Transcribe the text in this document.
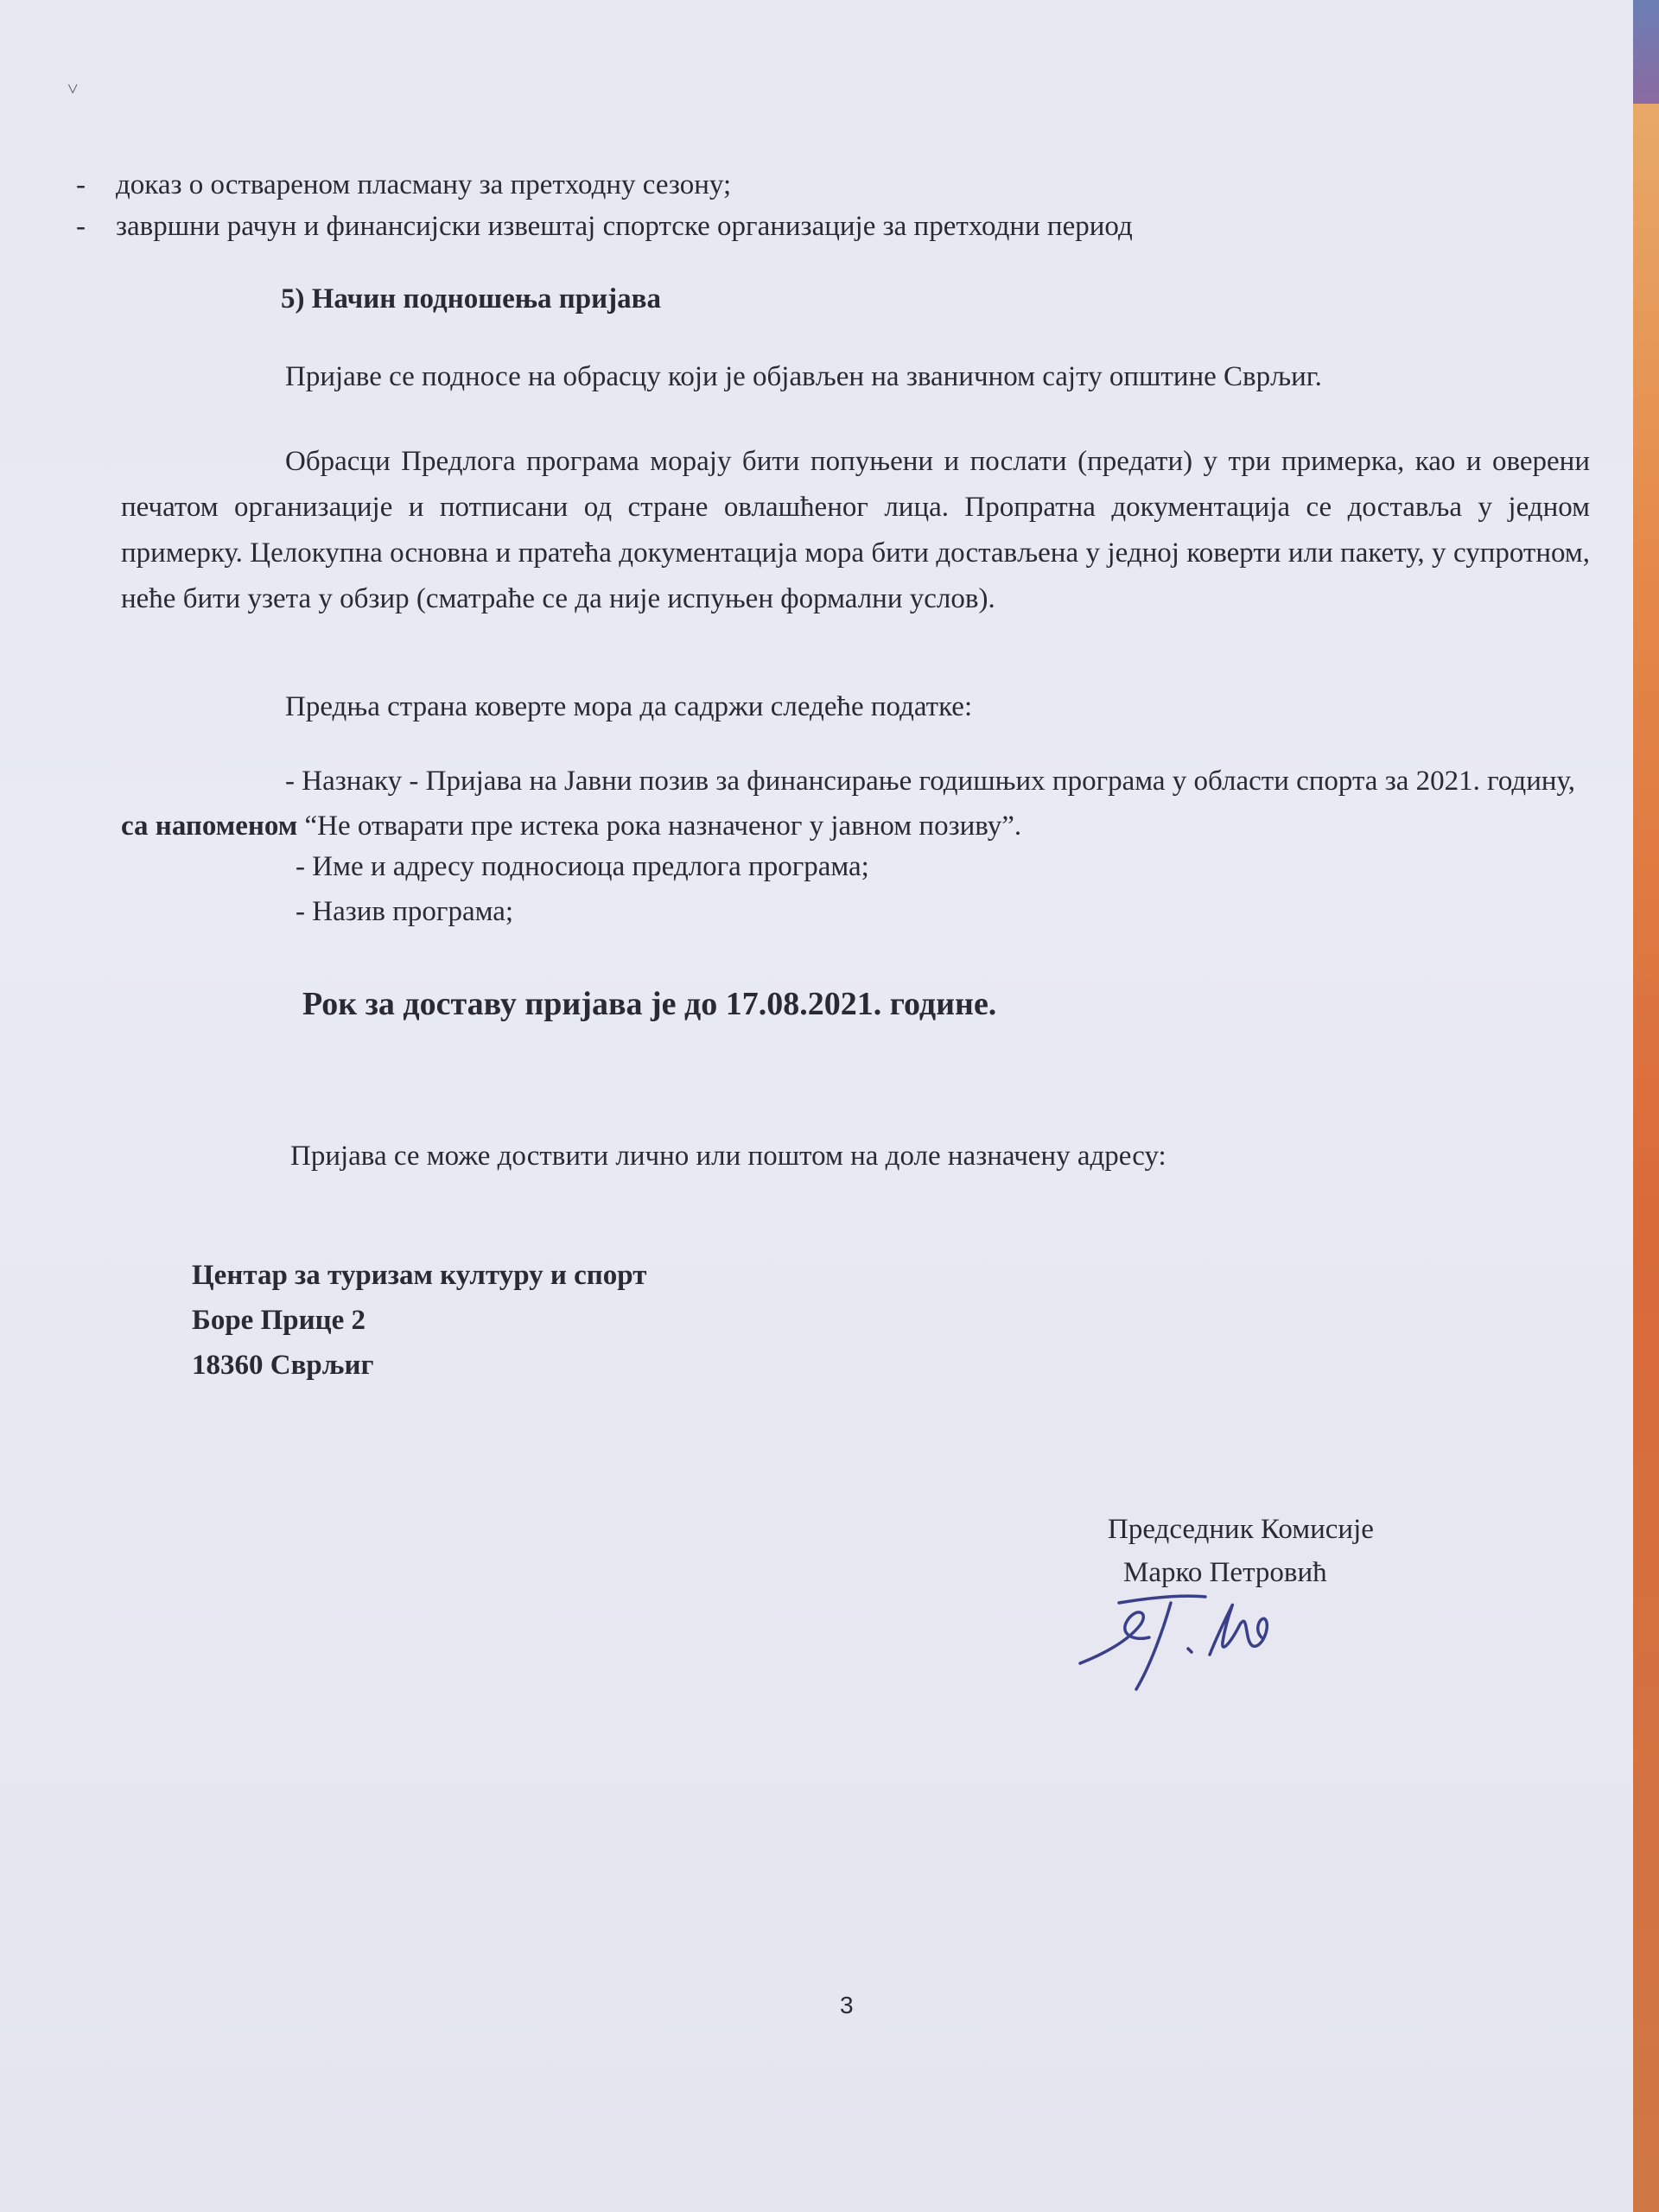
˅
- доказ о оствареном пласману за претходну сезону;
- завршни рачун и финансијски извештај спортске организације за претходни период
5) Начин подношења пријава
Пријаве се подносе на обрасцу који је објављен на званичном сајту општине Сврљиг.
Обрасци Предлога програма морају бити попуњени и послати (предати) у три примерка, као и оверени печатом организације и потписани од стране овлашћеног лица. Пропратна документација се доставља у једном примерку. Целокупна основна и пратећа документација мора бити достављена у једној коверти или пакету, у супротном, неће бити узета у обзир (сматраће се да није испуњен формални услов).
Предња страна коверте мора да садржи следеће податке:
- Назнаку - Пријава на Јавни позив за финансирање годишњих програма у области спорта за 2021. годину, са напоменом “Не отварати пре истека рока назначеног у јавном позиву”.
- Име и адресу подносиоца предлога програма;
- Назив програма;
Рок за доставу пријава је до 17.08.2021. године.
Пријава се може доствити лично или поштом на доле назначену адресу:
Центар за туризам културу и спорт
Боре Прице 2
18360 Сврљиг
Председник Комисије
Марко Петровић
3
